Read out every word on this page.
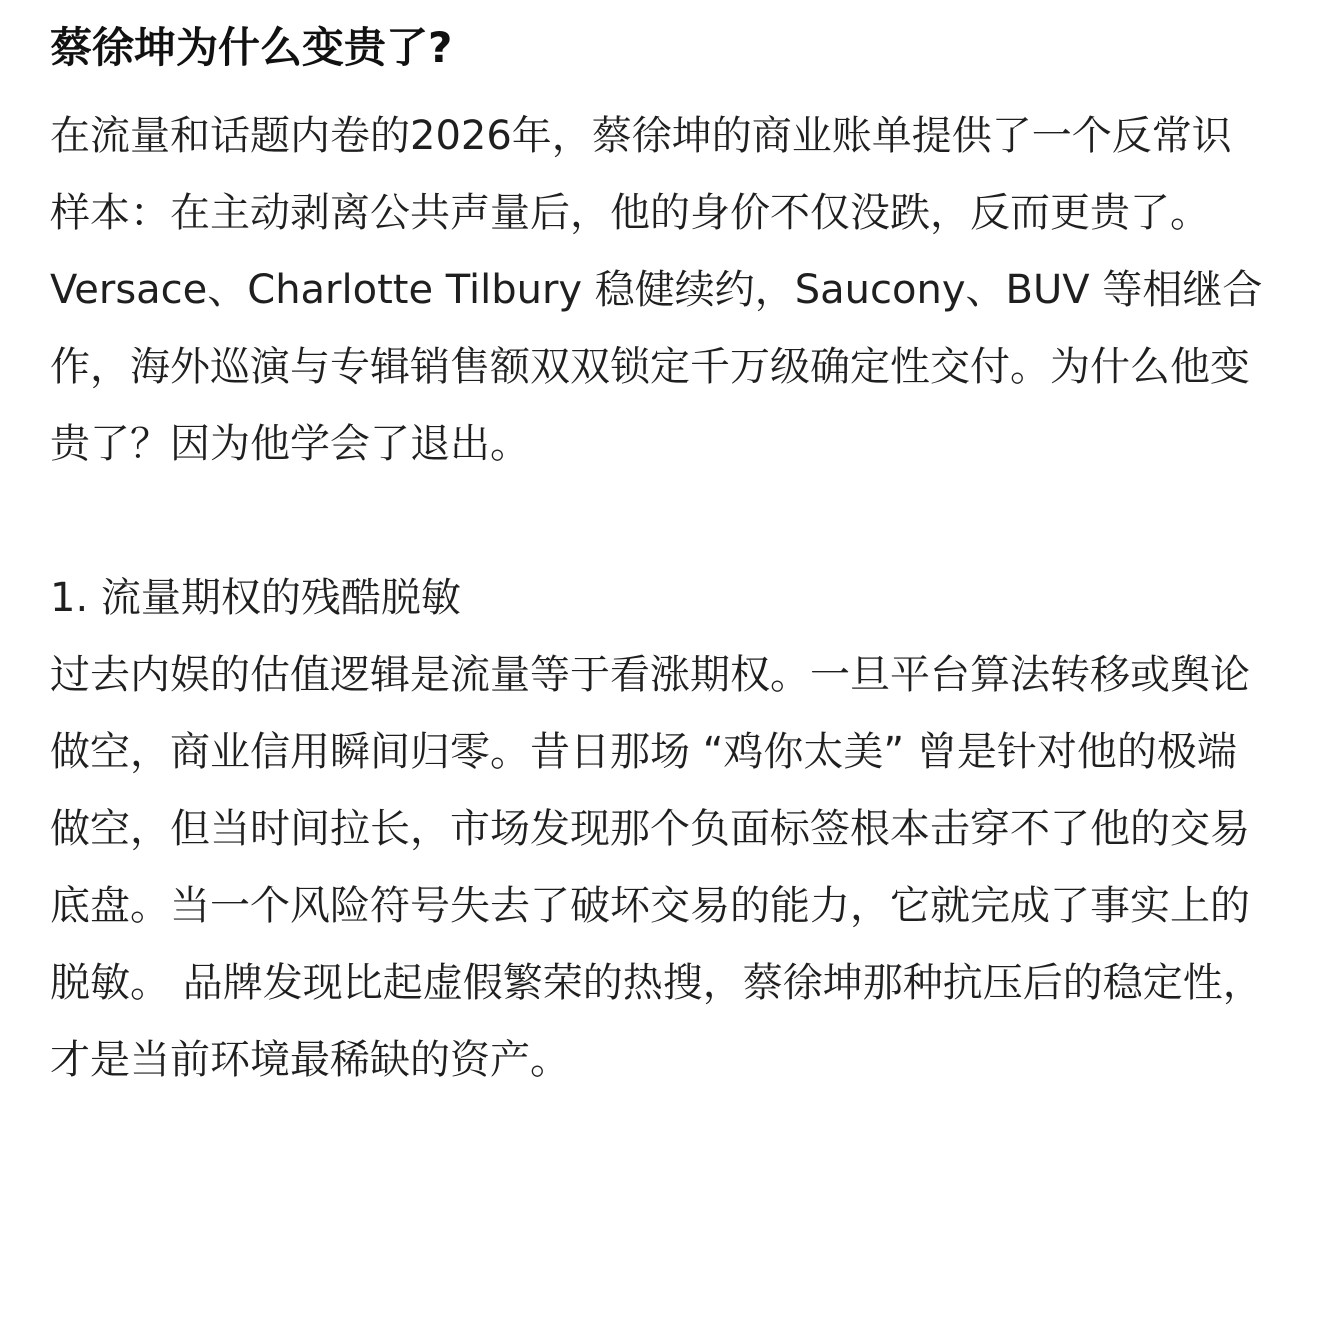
蔡徐坤为什么变贵了?

在流量和话题内卷的2026年，蔡徐坤的商业账单提供了一个反常识样本：在主动剥离公共声量后，他的身价不仅没跌，反而更贵了。

Versace、Charlotte Tilbury 稳健续约，Saucony、BUV 等相继合作，海外巡演与专辑销售额双双锁定千万级确定性交付。为什么他变贵了？因为他学会了退出。

1. 流量期权的残酷脱敏

过去内娱的估值逻辑是流量等于看涨期权。一旦平台算法转移或舆论做空，商业信用瞬间归零。昔日那场 “鸡你太美” 曾是针对他的极端做空，但当时间拉长，市场发现那个负面标签根本击穿不了他的交易底盘。当一个风险符号失去了破坏交易的能力，它就完成了事实上的脱敏。 品牌发现比起虚假繁荣的热搜，蔡徐坤那种抗压后的稳定性，才是当前环境最稀缺的资产。
